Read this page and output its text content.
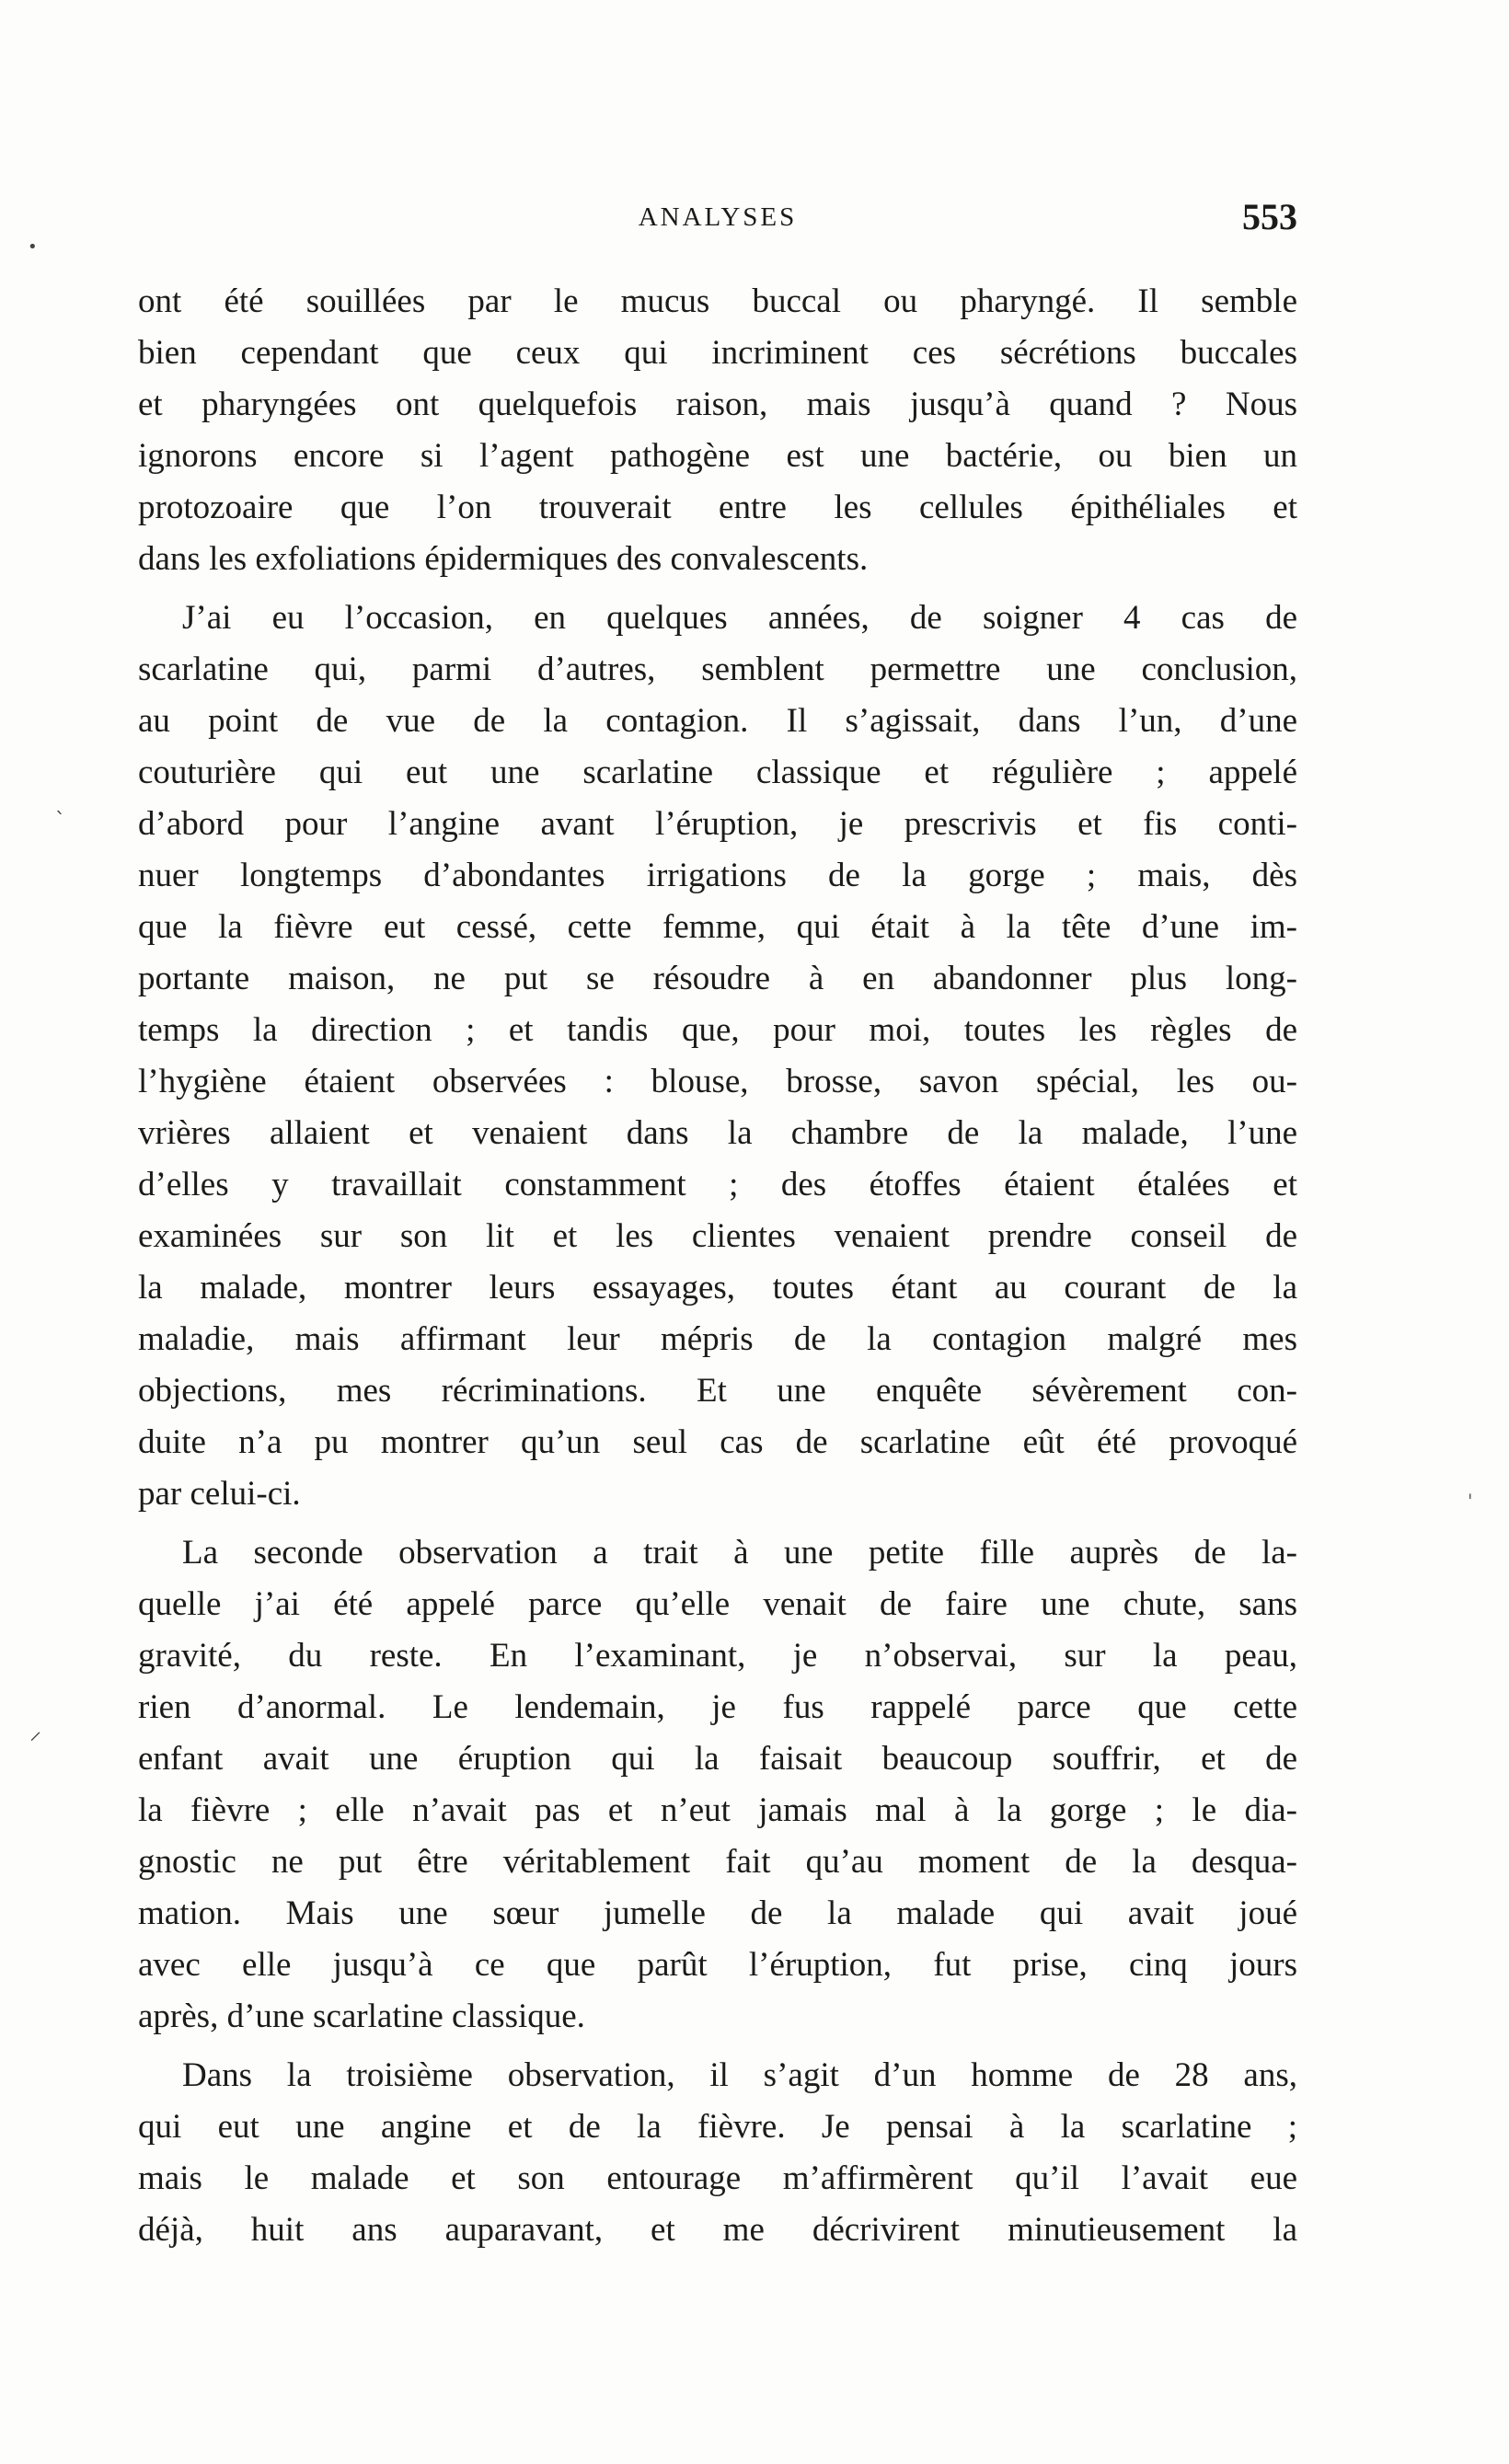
ANALYSES	553
ont été souillées par le mucus buccal ou pharyngé. Il semble
bien cependant que ceux qui incriminent ces sécrétions buccales
et pharyngées ont quelquefois raison, mais jusqu’à quand ? Nous
ignorons encore si l’agent pathogène est une bactérie, ou bien un
protozoaire que l’on trouverait entre les cellules épithéliales et
dans les exfoliations épidermiques des convalescents.
J’ai eu l’occasion, en quelques années, de soigner 4 cas de
scarlatine qui, parmi d’autres, semblent permettre une conclusion,
au point de vue de la contagion. Il s’agissait, dans l’un, d’une
couturière qui eut une scarlatine classique et régulière ; appelé
d’abord pour l’angine avant l’éruption, je prescrivis et fis conti-
nuer longtemps d’abondantes irrigations de la gorge ; mais, dès
que la fièvre eut cessé, cette femme, qui était à la tête d’une im-
portante maison, ne put se résoudre à en abandonner plus long-
temps la direction ; et tandis que, pour moi, toutes les règles de
l’hygiène étaient observées : blouse, brosse, savon spécial, les ou-
vrières allaient et venaient dans la chambre de la malade, l’une
d’elles y travaillait constamment ; des étoffes étaient étalées et
examinées sur son lit et les clientes venaient prendre conseil de
la malade, montrer leurs essayages, toutes étant au courant de la
maladie, mais affirmant leur mépris de la contagion malgré mes
objections, mes récriminations. Et une enquête sévèrement con-
duite n’a pu montrer qu’un seul cas de scarlatine eût été provoqué
par celui-ci.
La seconde observation a trait à une petite fille auprès de la-
quelle j’ai été appelé parce qu’elle venait de faire une chute, sans
gravité, du reste. En l’examinant, je n’observai, sur la peau,
rien d’anormal. Le lendemain, je fus rappelé parce que cette
enfant avait une éruption qui la faisait beaucoup souffrir, et de
la fièvre ; elle n’avait pas et n’eut jamais mal à la gorge ; le dia-
gnostic ne put être véritablement fait qu’au moment de la desqua-
mation. Mais une sœur jumelle de la malade qui avait joué
avec elle jusqu’à ce que parût l’éruption, fut prise, cinq jours
après, d’une scarlatine classique.
Dans la troisième observation, il s’agit d’un homme de 28 ans,
qui eut une angine et de la fièvre. Je pensai à la scarlatine ;
mais le malade et son entourage m’affirmèrent qu’il l’avait eue
déjà, huit ans auparavant, et me décrivirent minutieusement la
•
ˋ
⸝
ˈ
